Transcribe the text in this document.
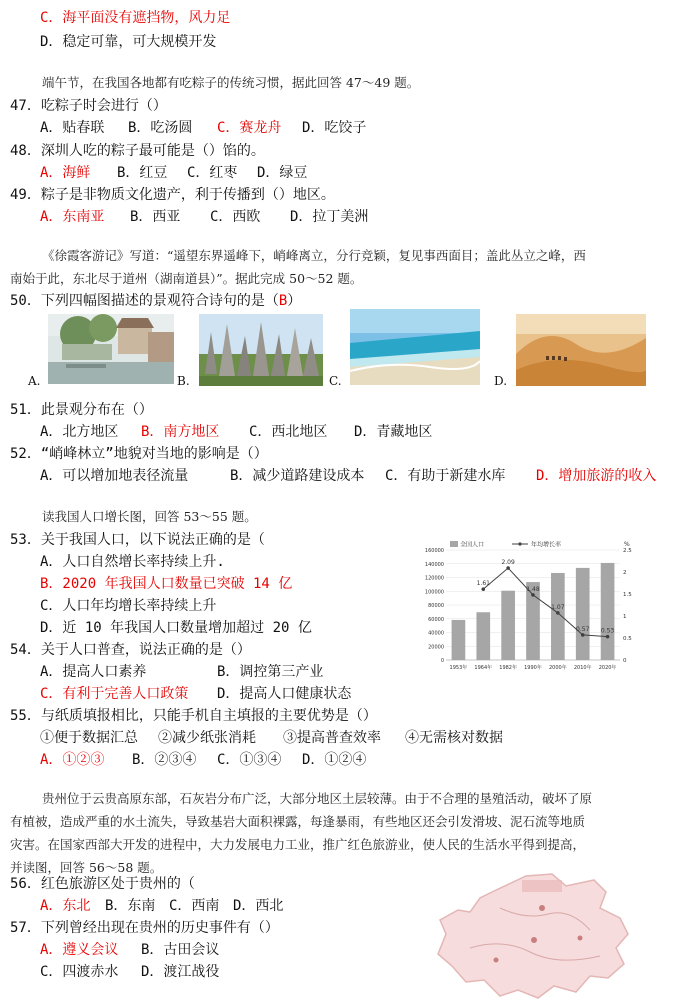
C．海平面没有遮挡物，风力足
D．稳定可靠，可大规模开发
端午节，在我国各地都有吃粽子的传统习惯，据此回答 47～49 题。
47．吃粽子时会进行（）
A．贴春联 B．吃汤圆 C．赛龙舟 D．吃饺子
48．深圳人吃的粽子最可能是（）馅的。
A．海鲜 B．红豆 C．红枣 D．绿豆
49．粽子是非物质文化遗产，利于传播到（）地区。
A．东南亚 B．西亚 C．西欧 D．拉丁美洲
《徐霞客游记》写道：“遥望东界遥峰下，峭峰离立，分行竞颖，复见事西面目；盖此丛立之峰，西
南始于此，东北尽于道州（湖南道县）”。据此完成 50～52 题。
50．下列四幅图描述的景观符合诗句的是（B）
A.	B.	C.	D.
51．此景观分布在（）
A．北方地区 B．南方地区 C．西北地区 D．青藏地区
52．“峭峰林立”地貌对当地的影响是（）
A．可以增加地表径流量	B．减少道路建设成本 C．有助于新建水库 D．增加旅游的收入
读我国人口增长图，回答 53～55 题。
53．关于我国人口，以下说法正确的是（
A．人口自然增长率持续上升.
B．2020 年我国人口数量已突破 14 亿
C．人口年均增长率持续上升
D．近 10 年我国人口数量增加超过 20 亿
0
20000
40000
60000
80000
100000
120000
140000
160000
0
0.5
1
1.5
2
2.5
%
1953年 1964年 1982年 1990年 2000年 2010年 2020年
1.61
2.09
1.48
1.07
0.57 0.53
全国人口	年均增长率
54．关于人口普查，说法正确的是（）
A．提高人口素养	B．调控第三产业
C．有利于完善人口政策 D．提高人口健康状态
55．与纸质填报相比，只能手机自主填报的主要优势是（）
①便于数据汇总 ②减少纸张消耗 ③提高普查效率 ④无需核对数据
A．①②③ B．②③④ C．①③④ D．①②④
贵州位于云贵高原东部，石灰岩分布广泛，大部分地区土层较薄。由于不合理的垦殖活动，破坏了原
有植被，造成严重的水土流失，导致基岩大面积裸露，每逢暴雨，有些地区还会引发滑坡、泥石流等地质
灾害。在国家西部大开发的进程中，大力发展电力工业，推广红色旅游业，使人民的生活水平得到提高，
并读图，回答 56～58 题。
56．红色旅游区处于贵州的（
A．东北 B．东南 C．西南 D．西北
57．下列曾经出现在贵州的历史事件有（）
A．遵义会议 B．古田会议
C．四渡赤水 D．渡江战役
